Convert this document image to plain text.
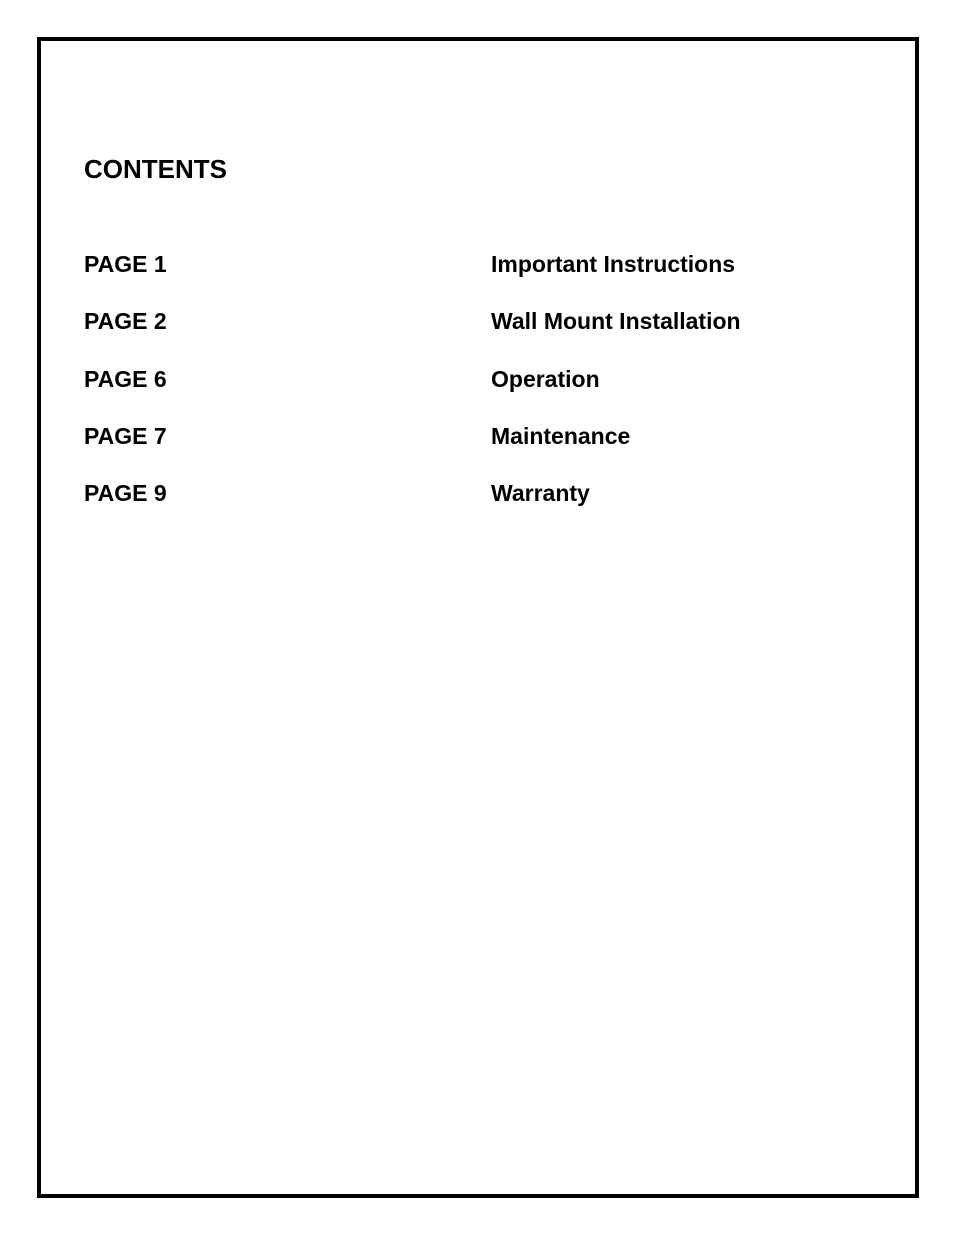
CONTENTS
PAGE 1	Important Instructions
PAGE 2	Wall Mount Installation
PAGE 6	Operation
PAGE 7	Maintenance
PAGE 9	Warranty
